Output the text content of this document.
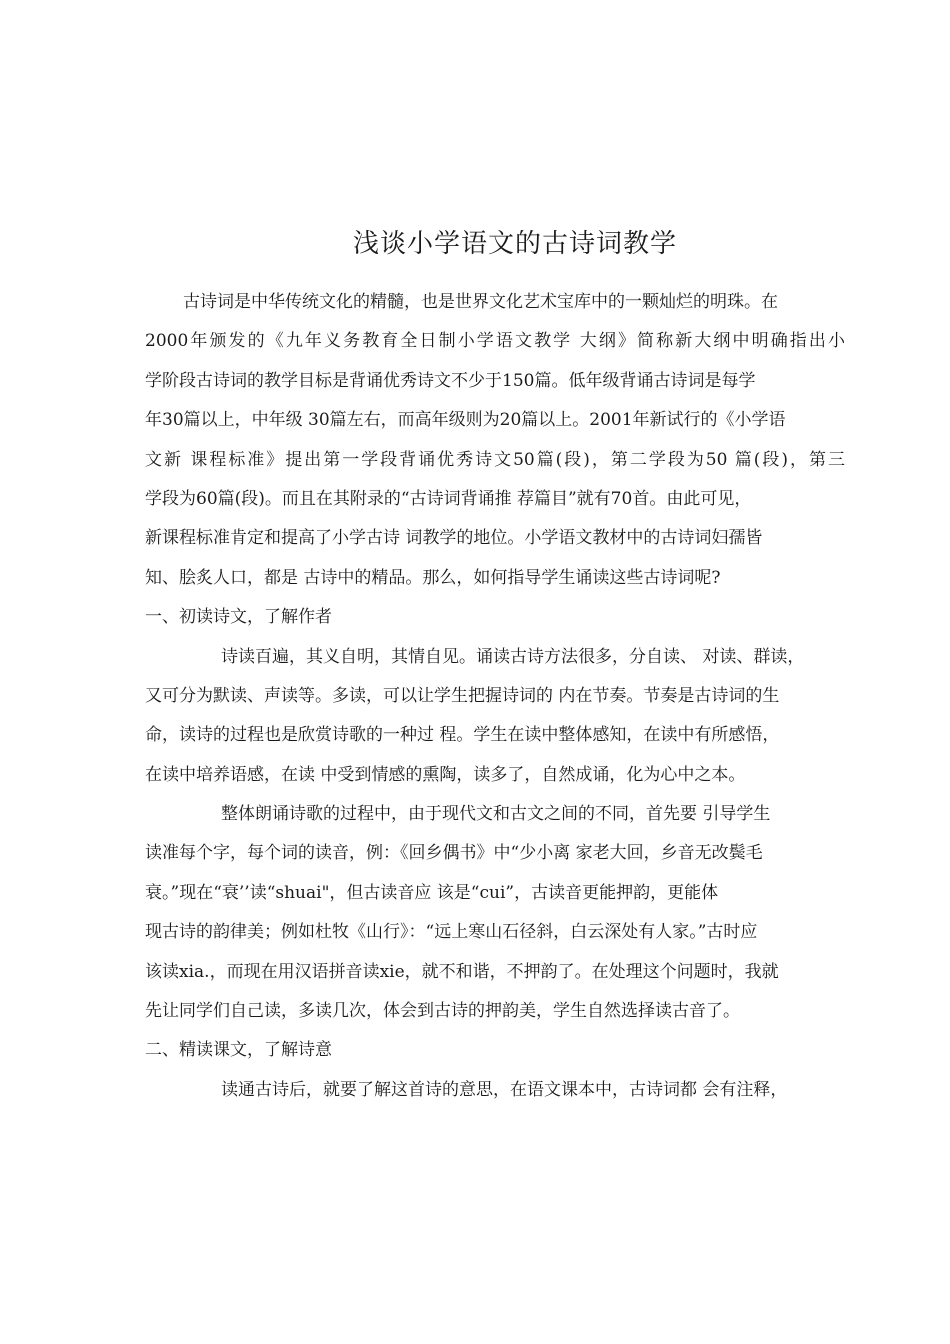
浅谈小学语文的古诗词教学
古诗词是中华传统文化的精髓，也是世界文化艺术宝库中的一颗灿烂的明珠。在
2000年颁发的《九年义务教育全日制小学语文教学 大纲》简称新大纲中明确指出小
学阶段古诗词的教学目标是背诵优秀诗文不少于150篇。低年级背诵古诗词是每学
年30篇以上，中年级 30篇左右，而高年级则为20篇以上。2001年新试行的《小学语
文新 课程标准》提出第一学段背诵优秀诗文50篇(段)，第二学段为50 篇(段)，第三
学段为60篇(段)。而且在其附录的“古诗词背诵推 荐篇目”就有70首。由此可见，
新课程标准肯定和提高了小学古诗 词教学的地位。小学语文教材中的古诗词妇孺皆
知、脍炙人口，都是 古诗中的精品。那么，如何指导学生诵读这些古诗词呢?
一、初读诗文，了解作者
诗读百遍，其义自明，其情自见。诵读古诗方法很多，分自读、 对读、群读，
又可分为默读、声读等。多读，可以让学生把握诗词的 内在节奏。节奏是古诗词的生
命，读诗的过程也是欣赏诗歌的一种过 程。学生在读中整体感知，在读中有所感悟，
在读中培养语感，在读 中受到情感的熏陶，读多了，自然成诵，化为心中之本。
整体朗诵诗歌的过程中，由于现代文和古文之间的不同，首先要 引导学生
读准每个字，每个词的读音，例：《回乡偶书》中“少小离 家老大回，乡音无改鬓毛
衰。”现在“衰’’读“shuai"，但古读音应 该是“cui”，古读音更能押韵，更能体
现古诗的韵律美；例如杜牧《山行》：“远上寒山石径斜，白云深处有人家。”古时应
该读xia.，而现在用汉语拼音读xie，就不和谐，不押韵了。在处理这个问题时，我就
先让同学们自己读，多读几次，体会到古诗的押韵美，学生自然选择读古音了。
二、精读课文，了解诗意
读通古诗后，就要了解这首诗的意思，在语文课本中，古诗词都 会有注释，
